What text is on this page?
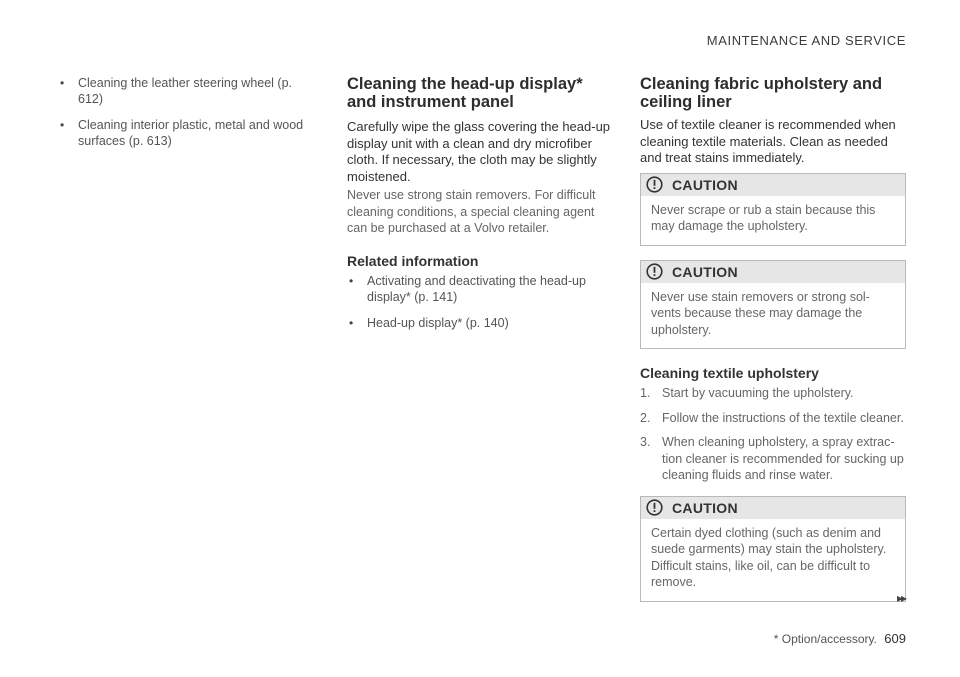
MAINTENANCE AND SERVICE
• Cleaning the leather steering wheel (p. 612)
• Cleaning interior plastic, metal and wood surfaces (p. 613)
Cleaning the head-up display* and instrument panel

Carefully wipe the glass covering the head-up display unit with a clean and dry microfiber cloth. If necessary, the cloth may be slightly moistened.

Never use strong stain removers. For difficult cleaning conditions, a special cleaning agent can be purchased at a Volvo retailer.

Related information
• Activating and deactivating the head-up display* (p. 141)
• Head-up display* (p. 140)
Cleaning fabric upholstery and ceiling liner

Use of textile cleaner is recommended when cleaning textile materials. Clean as needed and treat stains immediately.

CAUTION
Never scrape or rub a stain because this may damage the upholstery.
CAUTION
Never use stain removers or strong sol-vents because these may damage the upholstery.
Cleaning textile upholstery
1. Start by vacuuming the upholstery.
2. Follow the instructions of the textile cleaner.
3. When cleaning upholstery, a spray extrac-tion cleaner is recommended for sucking up cleaning fluids and rinse water.
CAUTION
Certain dyed clothing (such as denim and suede garments) may stain the upholstery. Difficult stains, like oil, can be difficult to remove.
▸▸
* Option/accessory. 609
